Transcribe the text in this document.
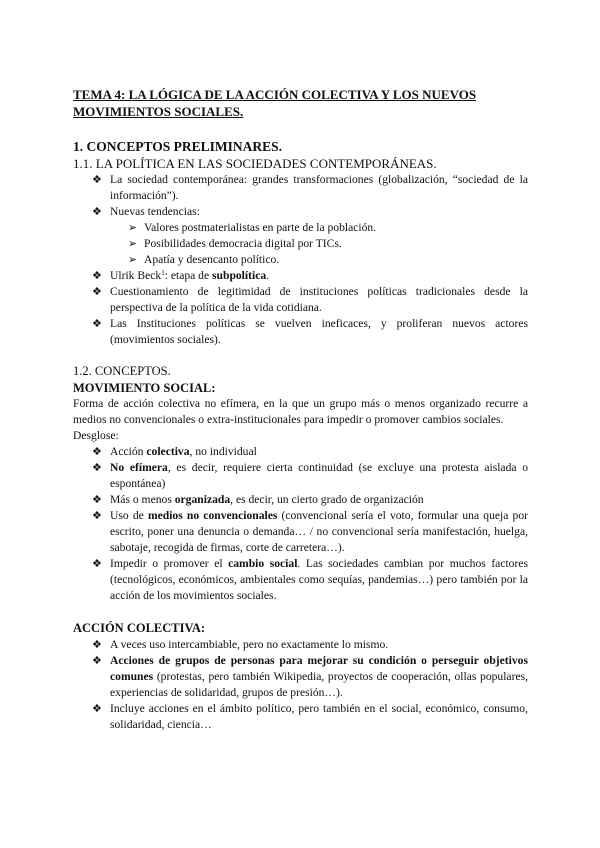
TEMA 4: LA LÓGICA DE LA ACCIÓN COLECTIVA Y LOS NUEVOS MOVIMIENTOS SOCIALES.
1. CONCEPTOS PRELIMINARES.
1.1. LA POLÍTICA EN LAS SOCIEDADES CONTEMPORÁNEAS.
❖ La sociedad contemporánea: grandes transformaciones (globalización, “sociedad de la información”).
❖ Nuevas tendencias:
➢ Valores postmaterialistas en parte de la población.
➢ Posibilidades democracia digital por TICs.
➢ Apatía y desencanto político.
❖ Ulrik Beck$^1$: etapa de subpolítica.
❖ Cuestionamiento de legitimidad de instituciones políticas tradicionales desde la perspectiva de la política de la vida cotidiana.
❖ Las Instituciones políticas se vuelven ineficaces, y proliferan nuevos actores (movimientos sociales).
1.2. CONCEPTOS.
MOVIMIENTO SOCIAL:
Forma de acción colectiva no efímera, en la que un grupo más o menos organizado recurre a medios no convencionales o extra-institucionales para impedir o promover cambios sociales.
Desglose:
❖ Acción colectiva, no individual
❖ No efímera, es decir, requiere cierta continuidad (se excluye una protesta aislada o espontánea)
❖ Más o menos organizada, es decir, un cierto grado de organización
❖ Uso de medios no convencionales (convencional sería el voto, formular una queja por escrito, poner una denuncia o demanda… / no convencional sería manifestación, huelga, sabotaje, recogida de firmas, corte de carretera…).
❖ Impedir o promover el cambio social. Las sociedades cambian por muchos factores (tecnológicos, económicos, ambientales como sequías, pandemias…) pero también por la acción de los movimientos sociales.
ACCIÓN COLECTIVA:
❖ A veces uso intercambiable, pero no exactamente lo mismo.
❖ Acciones de grupos de personas para mejorar su condición o perseguir objetivos comunes (protestas, pero también Wikipedia, proyectos de cooperación, ollas populares, experiencias de solidaridad, grupos de presión…).
❖ Incluye acciones en el ámbito político, pero también en el social, económico, consumo, solidaridad, ciencia…
